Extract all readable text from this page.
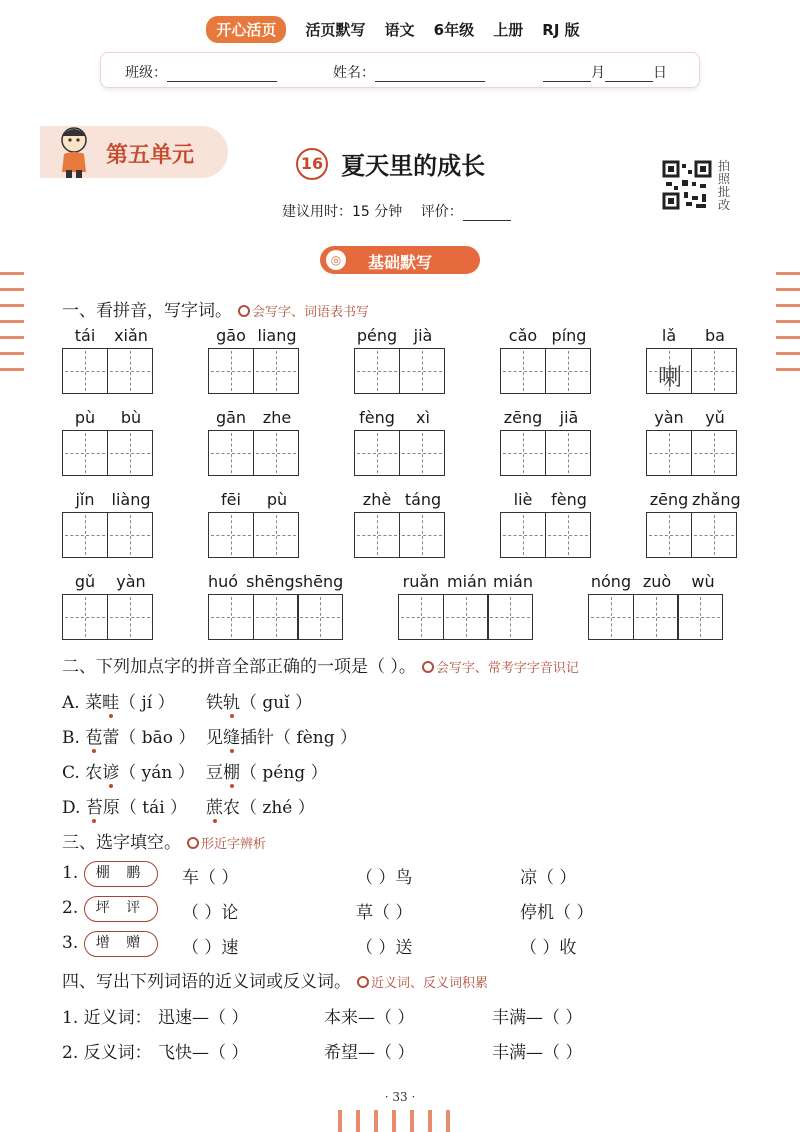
开心活页 活页默写 语文 6年级 上册 RJ 版
班级：	姓名：	月	日
第五单元	16 夏天里的成长	拍照批改
建议用时：15 分钟 评价：
◎ 基础默写
一、看拼音，写字词。 会写字、词语表书写
tái xiǎn	gāo liang	péng jià	cǎo píng	lǎ ba
喇
pù bù	gān zhe	fèng xì	zēng jiā	yàn yǔ
jǐn liàng	fēi pù	zhè táng	liè fèng	zēng zhǎng
gǔ yàn	huó shēngshēng	ruǎn mián mián	nóng zuò wù
二、下列加点字的拼音全部正确的一项是（ ）。 会写字、常考字字音识记
A. 菜畦（ jí ） 铁轨（ guǐ ）
B. 苞蕾（ bāo ） 见缝插针（ fèng ）
C. 农谚（ yán ） 豆棚（ péng ）
D. 苔原（ tái ） 蔗农（ zhé ）
三、选字填空。 形近字辨析
1.	棚 鹏	车（ ）	（ ）鸟	凉（ ）
2.	坪 评	（ ）论	草（ ）	停机（ ）
3.	增 赠	（ ）速	（ ）送	（ ）收
四、写出下列词语的近义词或反义词。 近义词、反义词积累
1. 近义词： 迅速—（ ）	本来—（ ）	丰满—（ ）
2. 反义词： 飞快—（ ）	希望—（ ）	丰满—（ ）
· 33 ·
